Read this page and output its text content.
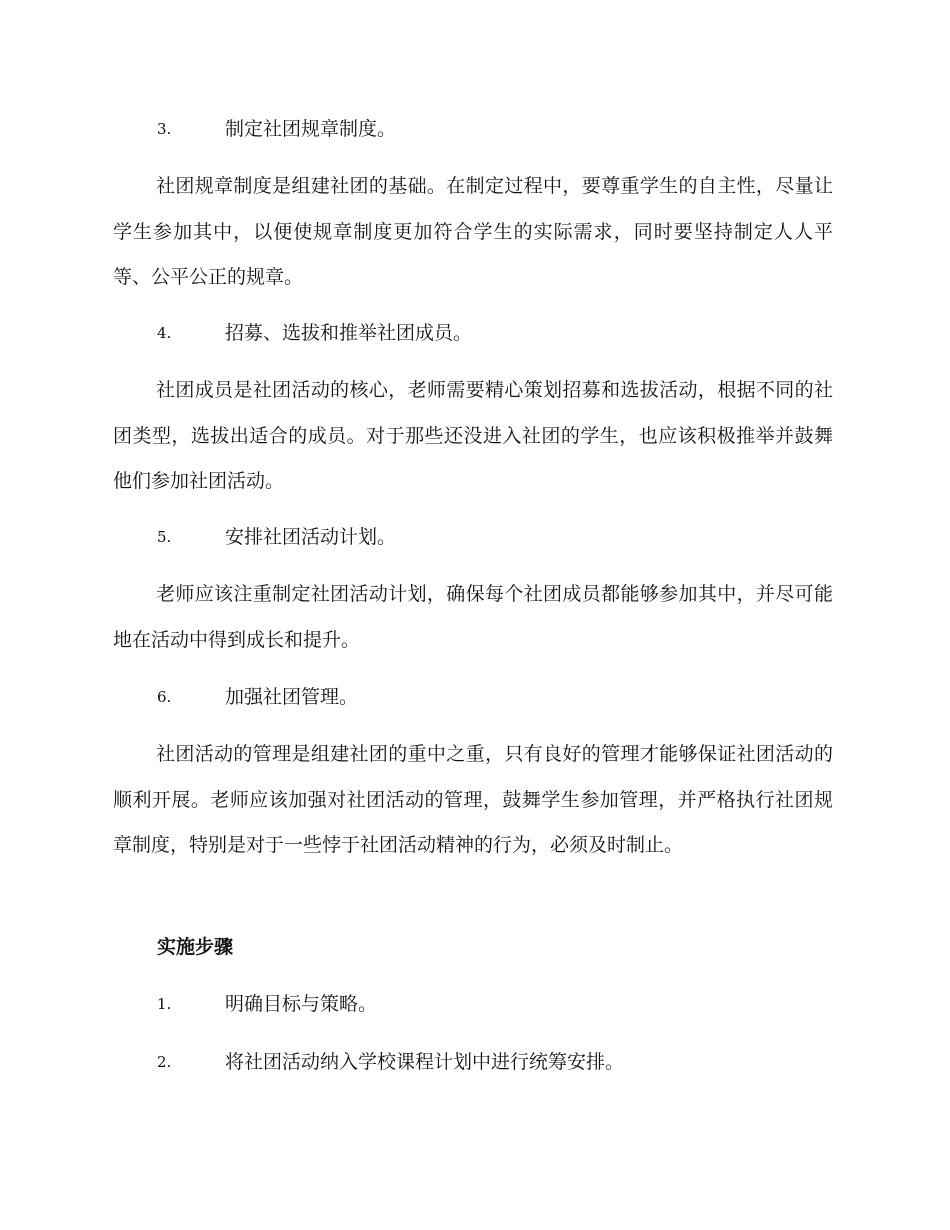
3.	制定社团规章制度。

社团规章制度是组建社团的基础。在制定过程中，要尊重学生的自主性，尽量让学生参加其中，以便使规章制度更加符合学生的实际需求，同时要坚持制定人人平等、公平公正的规章。

4.	招募、选拔和推举社团成员。

社团成员是社团活动的核心，老师需要精心策划招募和选拔活动，根据不同的社团类型，选拔出适合的成员。对于那些还没进入社团的学生，也应该积极推举并鼓舞他们参加社团活动。

5.	安排社团活动计划。

老师应该注重制定社团活动计划，确保每个社团成员都能够参加其中，并尽可能地在活动中得到成长和提升。

6.	加强社团管理。

社团活动的管理是组建社团的重中之重，只有良好的管理才能够保证社团活动的顺利开展。老师应该加强对社团活动的管理，鼓舞学生参加管理，并严格执行社团规章制度，特别是对于一些悖于社团活动精神的行为，必须及时制止。

实施步骤
1.	明确目标与策略。
2.	将社团活动纳入学校课程计划中进行统筹安排。
